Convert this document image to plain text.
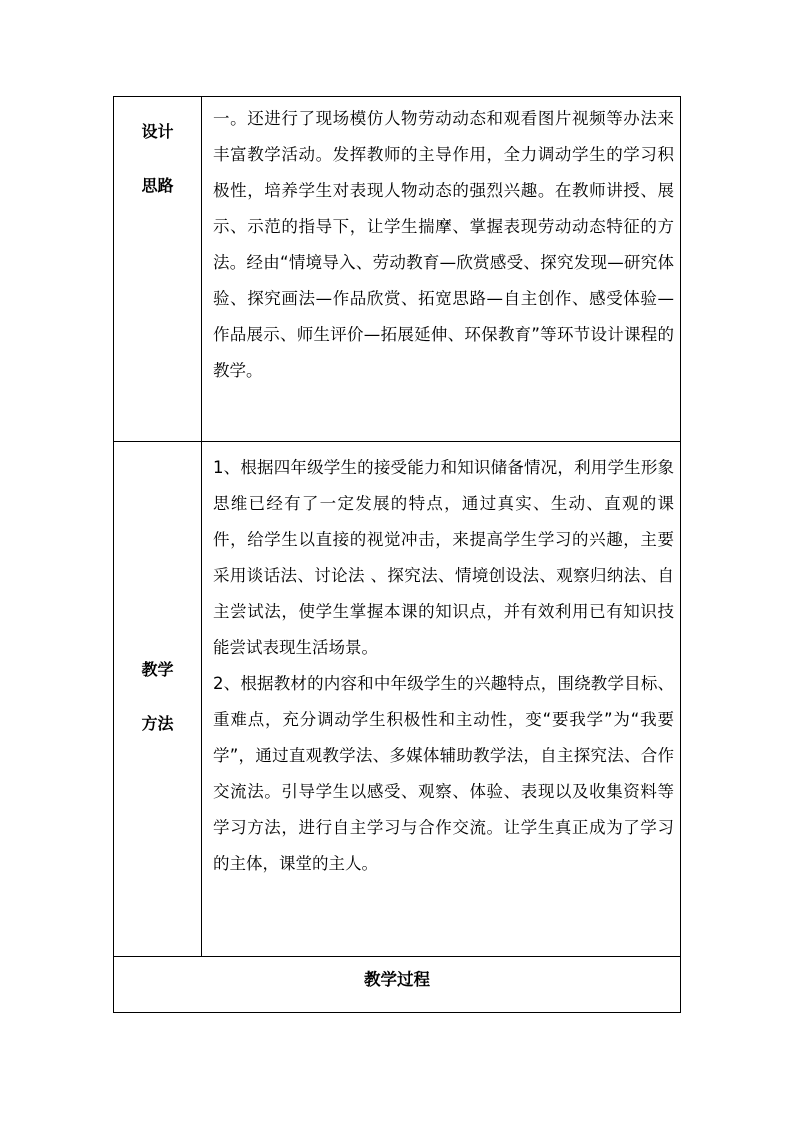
设计
思路

一。还进行了现场模仿人物劳动动态和观看图片视频等办法来丰富教学活动。发挥教师的主导作用，全力调动学生的学习积极性，培养学生对表现人物动态的强烈兴趣。在教师讲授、展示、示范的指导下，让学生揣摩、掌握表现劳动动态特征的方法。经由“情境导入、劳动教育—欣赏感受、探究发现—研究体验、探究画法—作品欣赏、拓宽思路—自主创作、感受体验—作品展示、师生评价—拓展延伸、环保教育”等环节设计课程的教学。

教学
方法

1、根据四年级学生的接受能力和知识储备情况，利用学生形象思维已经有了一定发展的特点，通过真实、生动、直观的课件，给学生以直接的视觉冲击，来提高学生学习的兴趣，主要采用谈话法、讨论法 、探究法、情境创设法、观察归纳法、自主尝试法，使学生掌握本课的知识点，并有效利用已有知识技能尝试表现生活场景。

2、根据教材的内容和中年级学生的兴趣特点，围绕教学目标、重难点，充分调动学生积极性和主动性，变“要我学”为“我要学”，通过直观教学法、多媒体辅助教学法，自主探究法、合作交流法。引导学生以感受、观察、体验、表现以及收集资料等学习方法，进行自主学习与合作交流。让学生真正成为了学习的主体，课堂的主人。

教学过程
